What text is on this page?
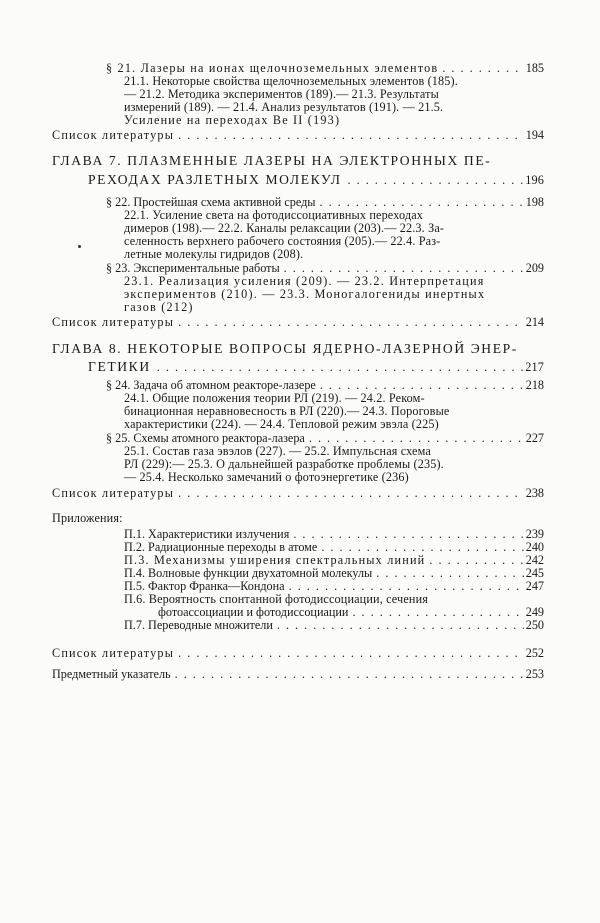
§ 21. Лазеры на ионах щелочноземельных элементов . . .	185
21.1. Некоторые свойства щелочноземельных элементов (185).
— 21.2. Методика экспериментов (189).— 21.3. Результаты
измерений (189). — 21.4. Анализ результатов (191). — 21.5.
Усиление на переходах Be II (193)
Список литературы . . .	194
ГЛАВА 7. ПЛАЗМЕННЫЕ ЛАЗЕРЫ НА ЭЛЕКТРОННЫХ ПЕ-
РЕХОДАХ РАЗЛЕТНЫХ МОЛЕКУЛ . . .	196
§ 22. Простейшая схема активной среды . . .	198
22.1. Усиление света на фотодиссоциативных переходах
димеров (198).— 22.2. Каналы релаксации (203).— 22.3. За-
селенность верхнего рабочего состояния (205).— 22.4. Раз-
летные молекулы гидридов (208).
§ 23. Экспериментальные работы . . .	209
23.1. Реализация усиления (209). — 23.2. Интерпретация
экспериментов (210). — 23.3. Моногалогениды инертных
газов (212)
Список литературы . . .	214
ГЛАВА 8. НЕКОТОРЫЕ ВОПРОСЫ ЯДЕРНО-ЛАЗЕРНОЙ ЭНЕР-
ГЕТИКИ . . .	217
§ 24. Задача об атомном реакторе-лазере . . .	218
24.1. Общие положения теории РЛ (219). — 24.2. Реком-
бинационная неравновесность в РЛ (220).— 24.3. Пороговые
характеристики (224). — 24.4. Тепловой режим эвэла (225)
§ 25. Схемы атомного реактора-лазера . . .	227
25.1. Состав газа эвэлов (227). — 25.2. Импульсная схема
РЛ (229):— 25.3. О дальнейшей разработке проблемы (235).
— 25.4. Несколько замечаний о фотоэнергетике (236)
Список литературы . . .	238
Приложения:
П.1. Характеристики излучения . . .	239
П.2. Радиационные переходы в атоме . . .	240
П.3. Механизмы уширения спектральных линий . . .	242
П.4. Волновые функции двухатомной молекулы . . .	245
П.5. Фактор Франка—Кондона . . .	247
П.6. Вероятность спонтанной фотодиссоциации, сечения
фотоассоциации и фотодиссоциации . . .	249
П.7. Переводные множители . . .	250
Список литературы . . .	252
Предметный указатель . . .	253
